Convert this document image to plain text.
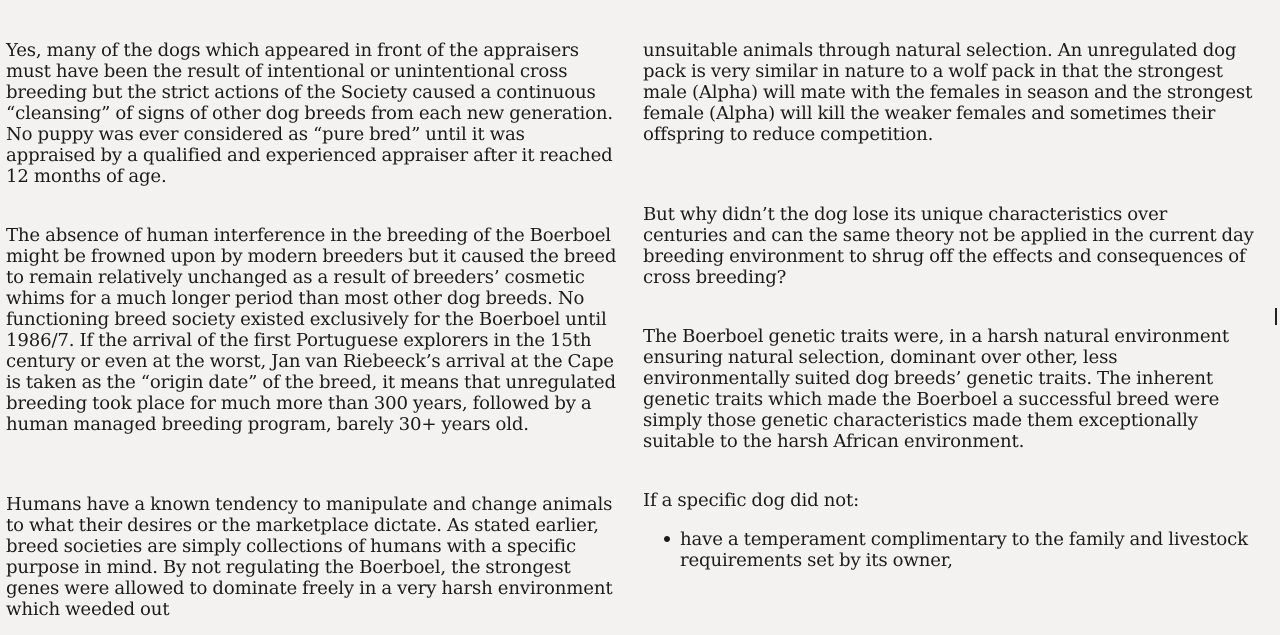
Yes, many of the dogs which appeared in front of the appraisers must have been the result of intentional or unintentional cross breeding but the strict actions of the Society caused a continuous “cleansing” of signs of other dog breeds from each new generation. No puppy was ever considered as “pure bred” until it was appraised by a qualified and experienced appraiser after it reached 12 months of age.

The absence of human interference in the breeding of the Boerboel might be frowned upon by modern breeders but it caused the breed to remain relatively unchanged as a result of breeders’ cosmetic whims for a much longer period than most other dog breeds. No functioning breed society existed exclusively for the Boerboel until 1986/7. If the arrival of the first Portuguese explorers in the 15th century or even at the worst, Jan van Riebeeck’s arrival at the Cape is taken as the “origin date” of the breed, it means that unregulated breeding took place for much more than 300 years, followed by a human managed breeding program, barely 30+ years old.

Humans have a known tendency to manipulate and change animals to what their desires or the marketplace dictate. As stated earlier, breed societies are simply collections of humans with a specific purpose in mind. By not regulating the Boerboel, the strongest genes were allowed to dominate freely in a very harsh environment which weeded out

unsuitable animals through natural selection. An unregulated dog pack is very similar in nature to a wolf pack in that the strongest male (Alpha) will mate with the females in season and the strongest female (Alpha) will kill the weaker females and sometimes their offspring to reduce competition.

But why didn’t the dog lose its unique characteristics over centuries and can the same theory not be applied in the current day breeding environment to shrug off the effects and consequences of cross breeding?

The Boerboel genetic traits were, in a harsh natural environment ensuring natural selection, dominant over other, less environmentally suited dog breeds’ genetic traits. The inherent genetic traits which made the Boerboel a successful breed were simply those genetic characteristics made them exceptionally suitable to the harsh African environment.

If a specific dog did not:

have a temperament complimentary to the family and livestock requirements set by its owner,
